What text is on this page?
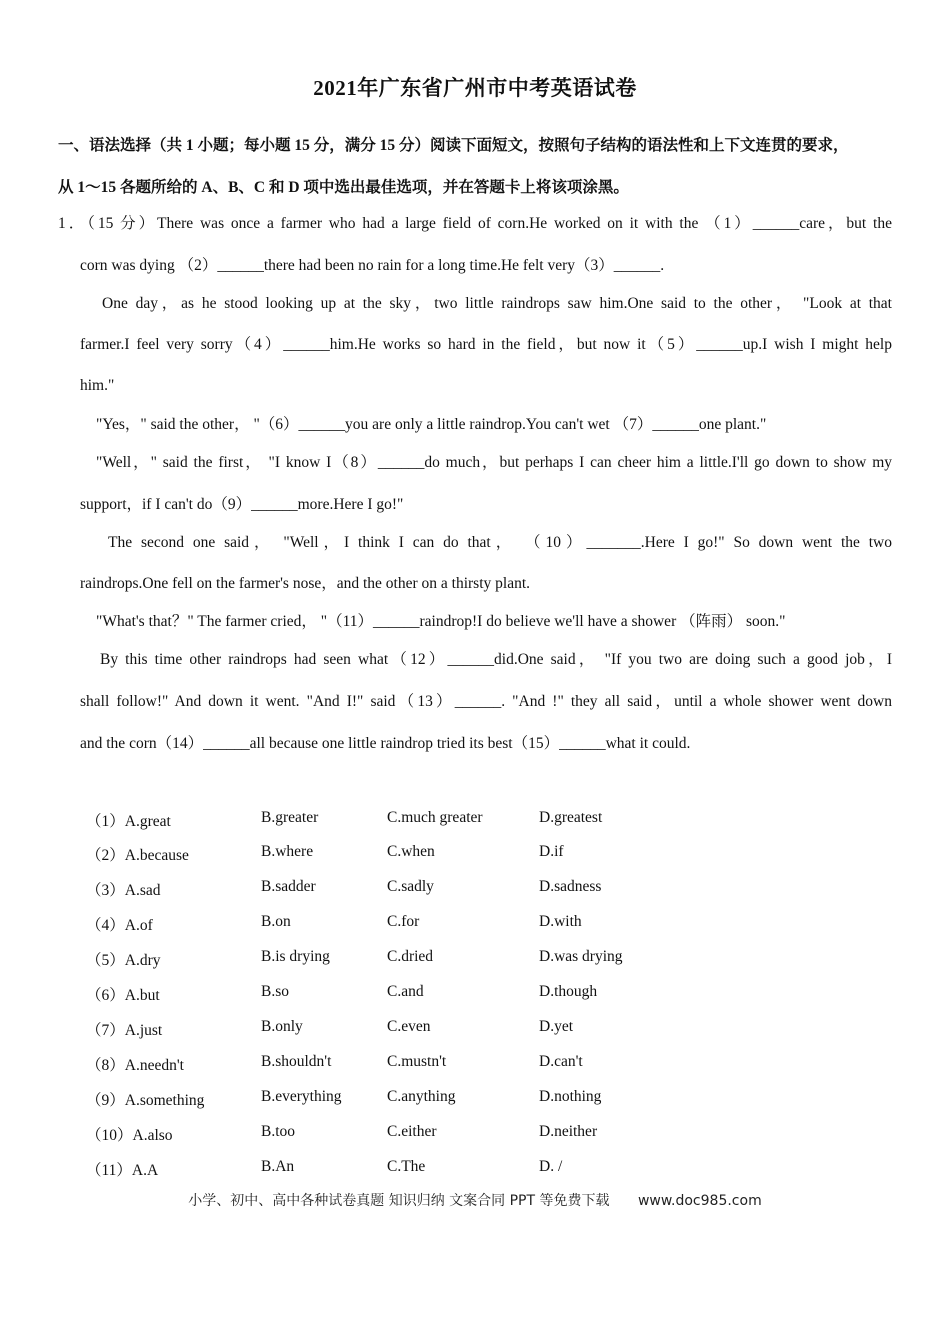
2021年广东省广州市中考英语试卷
一、语法选择（共 1 小题；每小题 15 分，满分 15 分）阅读下面短文，按照句子结构的语法性和上下文连贯的要求，
从 1～15 各题所给的 A、B、C 和 D 项中选出最佳选项，并在答题卡上将该项涂黑。
1．（15 分）There was once a farmer who had a large field of corn.He worked on it with the （1）______care，but the
corn was dying （2）______there had been no rain for a long time.He felt very（3）______.
One day，as he stood looking up at the sky，two little raindrops saw him.One said to the other， "Look at that
farmer.I feel very sorry（4）______him.He works so hard in the field，but now it（5）______up.I wish I might help
him."
"Yes，" said the other， "（6）______you are only a little raindrop.You can't wet （7）______one plant."
"Well，" said the first， "I know I（8）______do much，but perhaps I can cheer him a little.I'll go down to show my
support，if I can't do（9）______more.Here I go!"
The second one said， "Well，I think I can do that， （10）_______.Here I go!" So down went the two
raindrops.One fell on the farmer's nose，and the other on a thirsty plant.
"What's that？" The farmer cried， "（11）______raindrop!I do believe we'll have a shower （阵雨） soon."
By this time other raindrops had seen what（12）______did.One said， "If you two are doing such a good job，I
shall follow!" And down it went. "And I!" said（13）______. "And !" they all said，until a whole shower went down
and the corn（14）______all because one little raindrop tried its best（15）______what it could.
（1）A.great	B.greater	C.much greater	D.greatest
（2）A.because	B.where	C.when	D.if
（3）A.sad	B.sadder	C.sadly	D.sadness
（4）A.of	B.on	C.for	D.with
（5）A.dry	B.is drying	C.dried	D.was drying
（6）A.but	B.so	C.and	D.though
（7）A.just	B.only	C.even	D.yet
（8）A.needn't	B.shouldn't	C.mustn't	D.can't
（9）A.something	B.everything	C.anything	D.nothing
（10）A.also	B.too	C.either	D.neither
（11）A.A	B.An	C.The	D. /
小学、初中、高中各种试卷真题 知识归纳 文案合同 PPT 等免费下载 www.doc985.com
